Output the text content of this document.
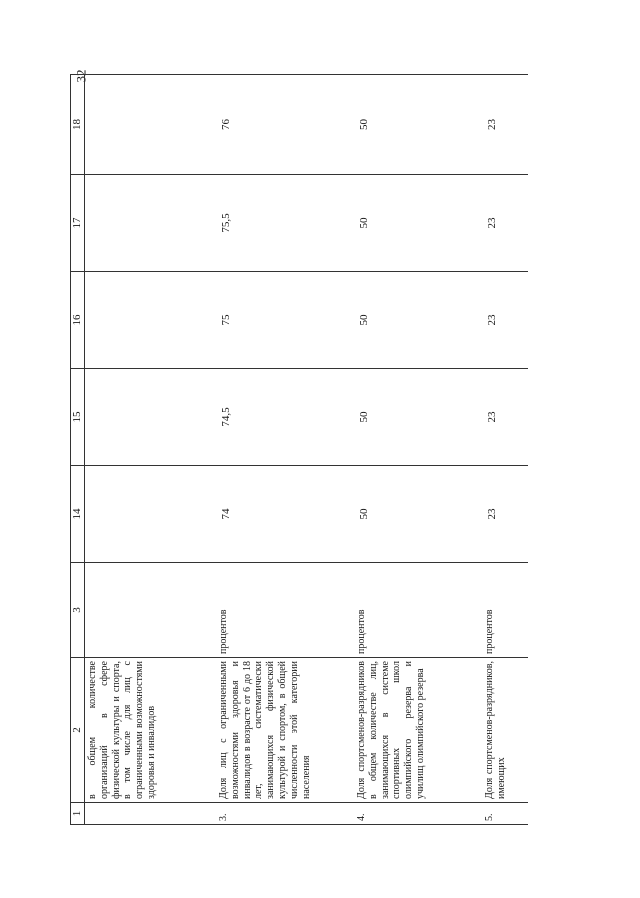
32
1	2	3	14	15	16	17	18
	в общем количестве организаций в сфере физической культуры и спорта, в том числе для лиц с ограниченными возможностями здоровья и инвалидов						
3.	Доля лиц с ограниченными возможностями здоровья и инвалидов в возрасте от 6 до 18 лет, систематически занимающихся физической культурой и спортом, в общей численности этой категории населения	процентов	74	74,5	75	75,5	76
4.	Доля спортсменов-разрядников в общем количестве лиц, занимающихся в системе спортивных школ олимпийского резерва и училищ олимпийского резерва	процентов	50	50	50	50	50
5.	Доля спортсменов-разрядников, имеющих	процентов	23	23	23	23	23
